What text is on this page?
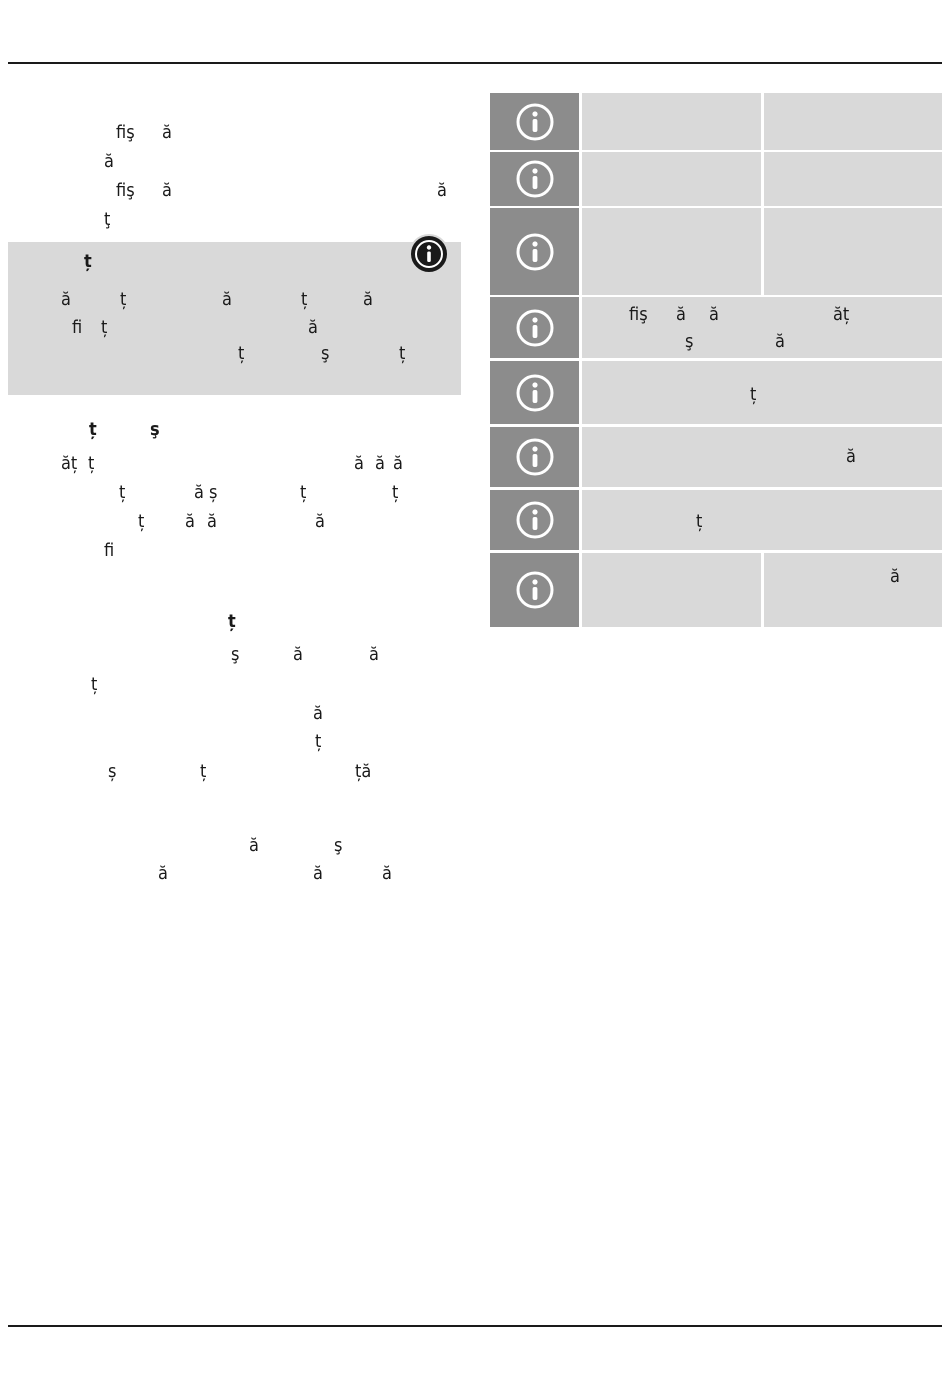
fiş ă
ă
fiş ă	ă
ţ
ț
ă	ț	ă	ț	ă
fi ț	ă
ț	ş	ț
ț	ş
ăț ț	ă ă ă
ț	ă ș	ț	ț
ț ă ă	ă
fi
ț
ş	ă	ă
ț
ă
ț
ș	ț	ță
ă	ş
ă	ă	ă
fiş ă ă	ăț
ş	ă
ț
ă
ț
ă
